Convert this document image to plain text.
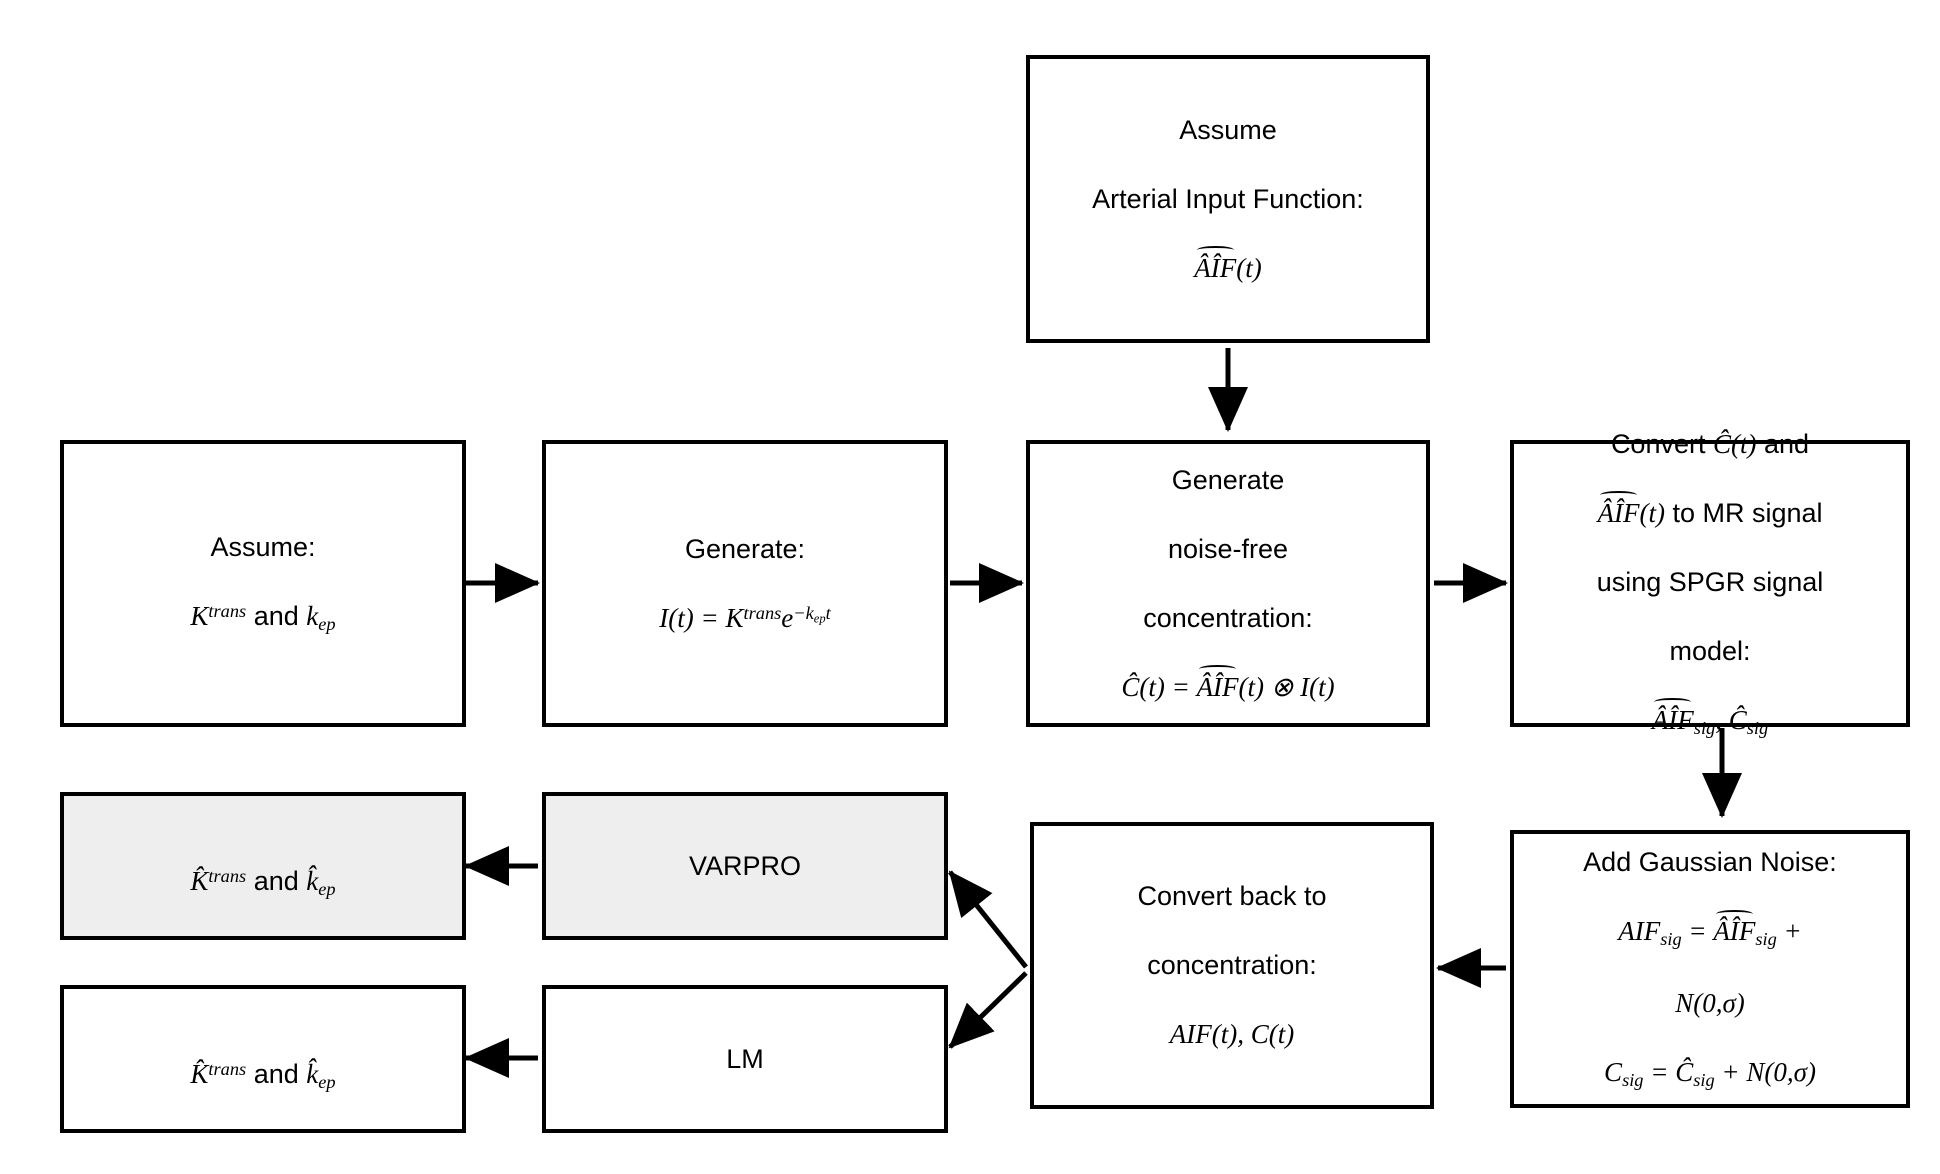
Assume

Arterial Input Function:

ÂÎF
(t)

Assume:

$K^{trans}$ and $k_{ep}$

Generate:

$I(t) = K^{trans}e^{-k_{ep}t}$

Generate

noise-free

concentration:

Ĉ(t) = ÂÎF
(t) ⊗ I(t)

Convert Ĉ(t) and

ÂÎF
(t) to MR signal

using SPGR signal

model:

ÂÎF
$_{sig}$, $Ĉ_{sig}$

Add Gaussian Noise:

$AIF_{sig}$ = ÂÎF
$_{sig}$ +

N(0,σ)

$C_{sig}$ = $Ĉ_{sig} + N(0,\sigma)$

Convert back to

concentration:

AIF(t), C(t)

VARPRO
LM

K̂$^{trans}$ and $k̂_{ep}$

K̂$^{trans}$ and $k̂_{ep}$
